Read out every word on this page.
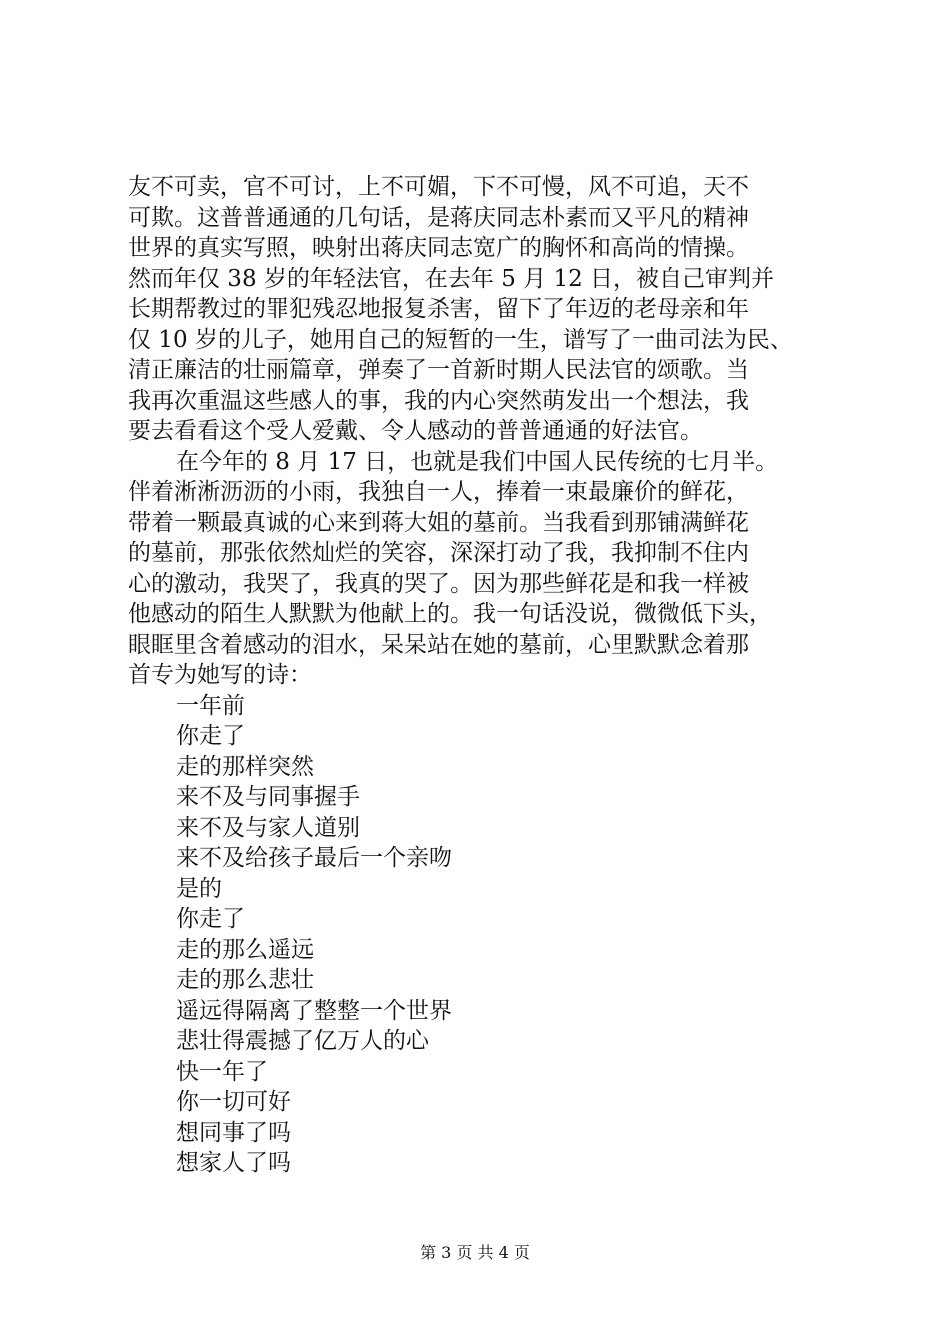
友不可卖，官不可讨，上不可媚，下不可慢，风不可追，天不
可欺。这普普通通的几句话，是蒋庆同志朴素而又平凡的精神
世界的真实写照，映射出蒋庆同志宽广的胸怀和高尚的情操。
然而年仅 38 岁的年轻法官，在去年 5 月 12 日，被自己审判并
长期帮教过的罪犯残忍地报复杀害，留下了年迈的老母亲和年
仅 10 岁的儿子，她用自己的短暂的一生，谱写了一曲司法为民、
清正廉洁的壮丽篇章，弹奏了一首新时期人民法官的颂歌。当
我再次重温这些感人的事，我的内心突然萌发出一个想法，我
要去看看这个受人爱戴、令人感动的普普通通的好法官。
在今年的 8 月 17 日，也就是我们中国人民传统的七月半。
伴着淅淅沥沥的小雨，我独自一人，捧着一束最廉价的鲜花，
带着一颗最真诚的心来到蒋大姐的墓前。当我看到那铺满鲜花
的墓前，那张依然灿烂的笑容，深深打动了我，我抑制不住内
心的激动，我哭了，我真的哭了。因为那些鲜花是和我一样被
他感动的陌生人默默为他献上的。我一句话没说，微微低下头，
眼眶里含着感动的泪水，呆呆站在她的墓前，心里默默念着那
首专为她写的诗：
一年前
你走了
走的那样突然
来不及与同事握手
来不及与家人道别
来不及给孩子最后一个亲吻
是的
你走了
走的那么遥远
走的那么悲壮
遥远得隔离了整整一个世界
悲壮得震撼了亿万人的心
快一年了
你一切可好
想同事了吗
想家人了吗
第 3 页 共 4 页
